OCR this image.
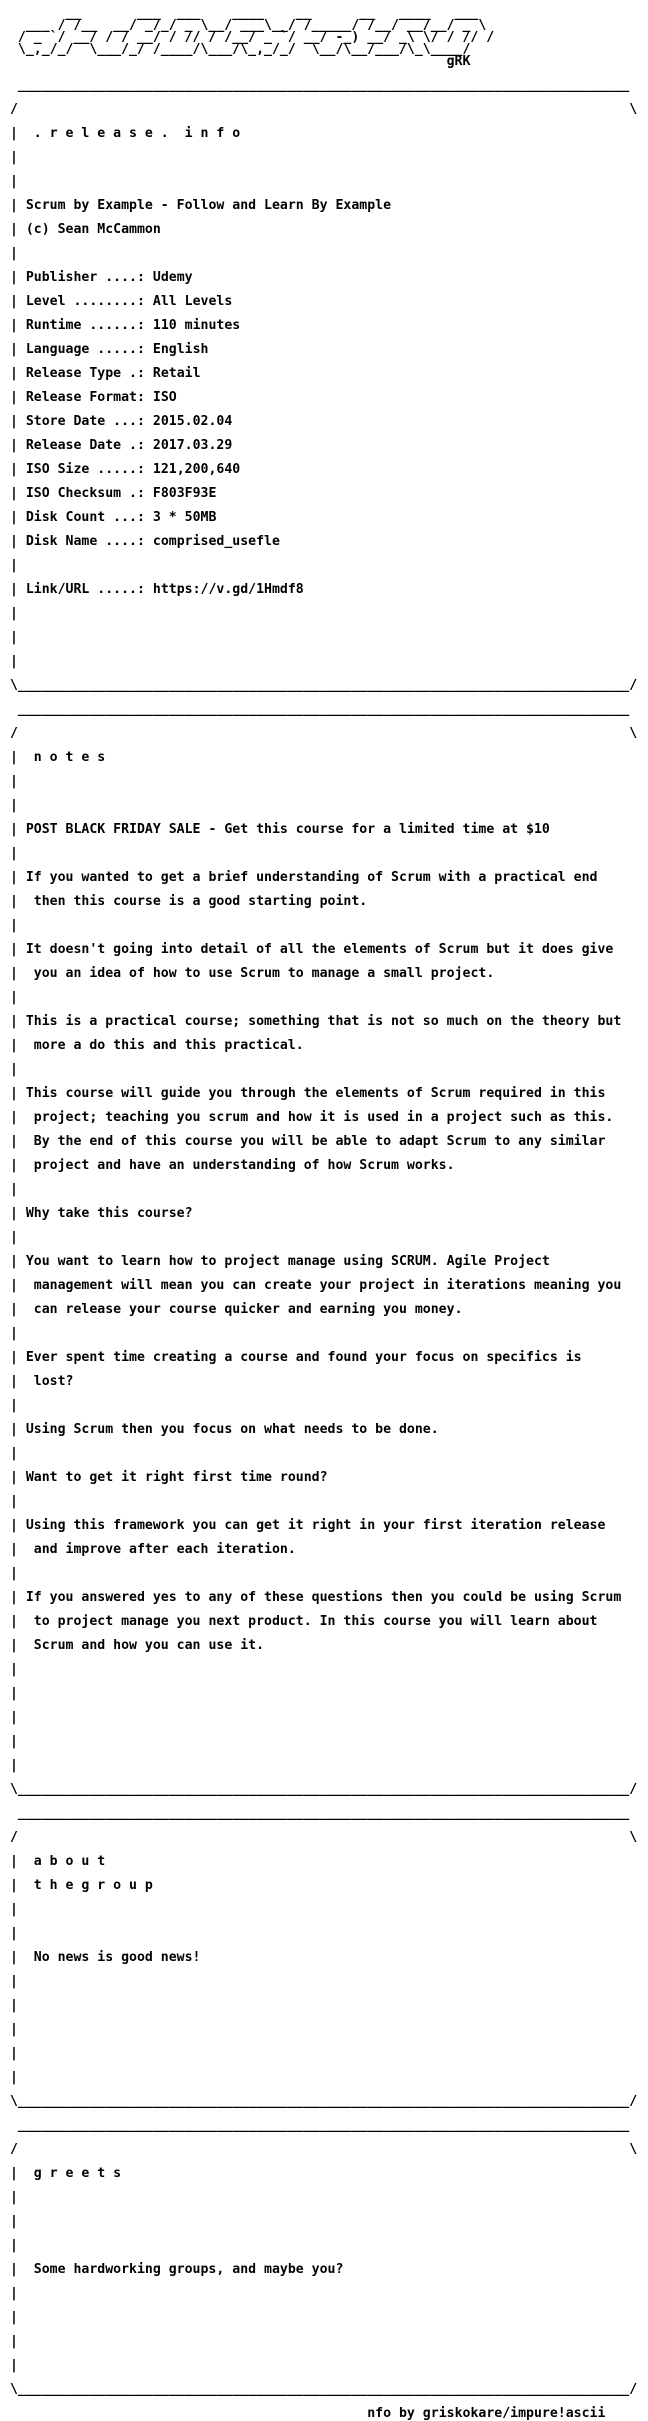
__       ___  ___    ____    __      __   ____   ___
___ / /__  __/ _/_/ _ \__/ ___\__/ /_____/ /__/ __/__/ _ \
/ _ `/ __/ / / __/ / // / /__/ _ `/ __/ -_) __/ _\ \/ / // /
\_,_/_/  \___/_/ /____/\___/\_,_/_/  \__/\__/___/\_\____/
gRK

_____________________________________________________________________________

/                                                                             \

|  . r e l e a s e .  i n f o

|

|

| Scrum by Example - Follow and Learn By Example

| (c) Sean McCammon

|

| Publisher ....: Udemy

| Level ........: All Levels

| Runtime ......: 110 minutes

| Language .....: English

| Release Type .: Retail

| Release Format: ISO

| Store Date ...: 2015.02.04

| Release Date .: 2017.03.29

| ISO Size .....: 121,200,640

| ISO Checksum .: F803F93E

| Disk Count ...: 3 * 50MB

| Disk Name ....: comprised_usefle

|

| Link/URL .....: https://v.gd/1Hmdf8

|

|

|

\_____________________________________________________________________________/

_____________________________________________________________________________

/                                                                             \

|  n o t e s

|

|

| POST BLACK FRIDAY SALE - Get this course for a limited time at $10

|

| If you wanted to get a brief understanding of Scrum with a practical end

|  then this course is a good starting point.

|

| It doesn't going into detail of all the elements of Scrum but it does give

|  you an idea of how to use Scrum to manage a small project.

|

| This is a practical course; something that is not so much on the theory but

|  more a do this and this practical.

|

| This course will guide you through the elements of Scrum required in this

|  project; teaching you scrum and how it is used in a project such as this.

|  By the end of this course you will be able to adapt Scrum to any similar

|  project and have an understanding of how Scrum works.

|

| Why take this course?

|

| You want to learn how to project manage using SCRUM. Agile Project

|  management will mean you can create your project in iterations meaning you

|  can release your course quicker and earning you money.

|

| Ever spent time creating a course and found your focus on specifics is

|  lost?

|

| Using Scrum then you focus on what needs to be done.

|

| Want to get it right first time round?

|

| Using this framework you can get it right in your first iteration release

|  and improve after each iteration.

|

| If you answered yes to any of these questions then you could be using Scrum

|  to project manage you next product. In this course you will learn about

|  Scrum and how you can use it.

|

|

|

|

|

\_____________________________________________________________________________/

_____________________________________________________________________________

/                                                                             \

|  a b o u t

|  t h e g r o u p

|

|

|  No news is good news!

|

|

|

|

|

\_____________________________________________________________________________/

_____________________________________________________________________________

/                                                                             \

|  g r e e t s

|

|

|

|  Some hardworking groups, and maybe you?

|

|

|

|

\_____________________________________________________________________________/

nfo by griskokare/impure!ascii
